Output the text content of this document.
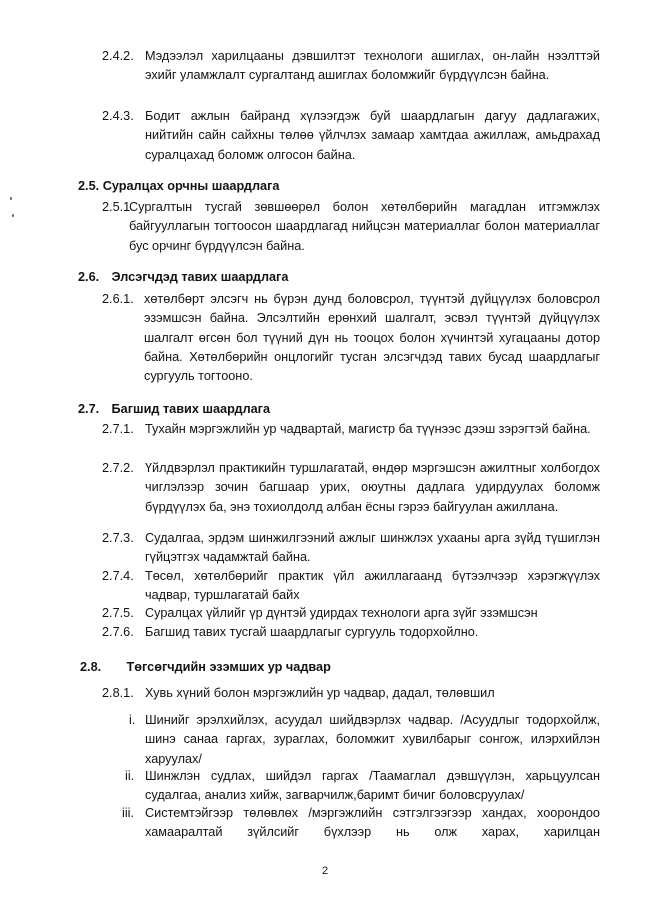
2.4.2. Мэдээлэл харилцааны дэвшилтэт технологи ашиглах, он-лайн нээлттэй эхийг уламжлалт сургалтанд ашиглах боломжийг бүрдүүлсэн байна.
2.4.3. Бодит ажлын байранд хүлээгдэж буй шаардлагын дагуу дадлагажих, нийтийн сайн сайхны төлөө үйлчлэх замаар хамтдаа ажиллаж, амьдрахад суралцахад боломж олгосон байна.
2.5. Суралцах орчны шаардлага
2.5.1
Сургалтын тусгай зөвшөөрөл болон хөтөлбөрийн магадлан итгэмжлэх байгууллагын тогтоосон шаардлагад нийцсэн материаллаг болон материаллаг бус орчинг бүрдүүлсэн байна.
2.6. Элсэгчдэд тавих шаардлага
2.6.1. хөтөлбөрт элсэгч нь бүрэн дунд боловсрол, түүнтэй дүйцүүлэх боловсрол эзэмшсэн байна. Элсэлтийн ерөнхий шалгалт, эсвэл түүнтэй дүйцүүлэх шалгалт өгсөн бол түүний дүн нь тооцох болон хүчинтэй хугацааны дотор байна. Хөтөлбөрийн онцлогийг тусган элсэгчдэд тавих бусад шаардлагыг сургууль тогтооно.
2.7. Багшид тавих шаардлага
2.7.1. Тухайн мэргэжлийн ур чадвартай, магистр ба түүнээс дээш зэрэгтэй байна.
2.7.2. Үйлдвэрлэл практикийн туршлагатай, өндөр мэргэшсэн ажилтныг холбогдох чиглэлээр зочин багшаар урих, оюутны дадлага удирдуулах боломж бүрдүүлэх ба, энэ тохиолдолд албан ёсны гэрээ байгуулан ажиллана.
2.7.3. Судалгаа, эрдэм шинжилгээний ажлыг шинжлэх ухааны арга зүйд түшиглэн гүйцэтгэх чадамжтай байна.
2.7.4. Төсөл, хөтөлбөрийг практик үйл ажиллагаанд бүтээлчээр хэрэгжүүлэх чадвар, туршлагатай байх
2.7.5. Суралцах үйлийг үр дүнтэй удирдах технологи арга зүйг эзэмшсэн
2.7.6. Багшид тавих тусгай шаардлагыг сургууль тодорхойлно.
2.8. Төгсөгчдийн эзэмших ур чадвар
2.8.1. Хувь хүний болон мэргэжлийн ур чадвар, дадал, төлөвшил
i. Шинийг эрэлхийлэх, асуудал шийдвэрлэх чадвар. /Асуудлыг тодорхойлж, шинэ санаа гаргах, зураглах, боломжит хувилбарыг сонгож, илэрхийлэн харуулах/
ii. Шинжлэн судлах, шийдэл гаргах /Таамаглал дэвшүүлэн, харьцуулсан судалгаа, анализ хийж, загварчилж,баримт бичиг боловсруулах/
iii. Системтэйгээр төлөвлөх /мэргэжлийн сэтгэлгээгээр хандах, хоорондоо хамааралтай зүйлсийг бүхлээр нь олж харах, харилцан
2
